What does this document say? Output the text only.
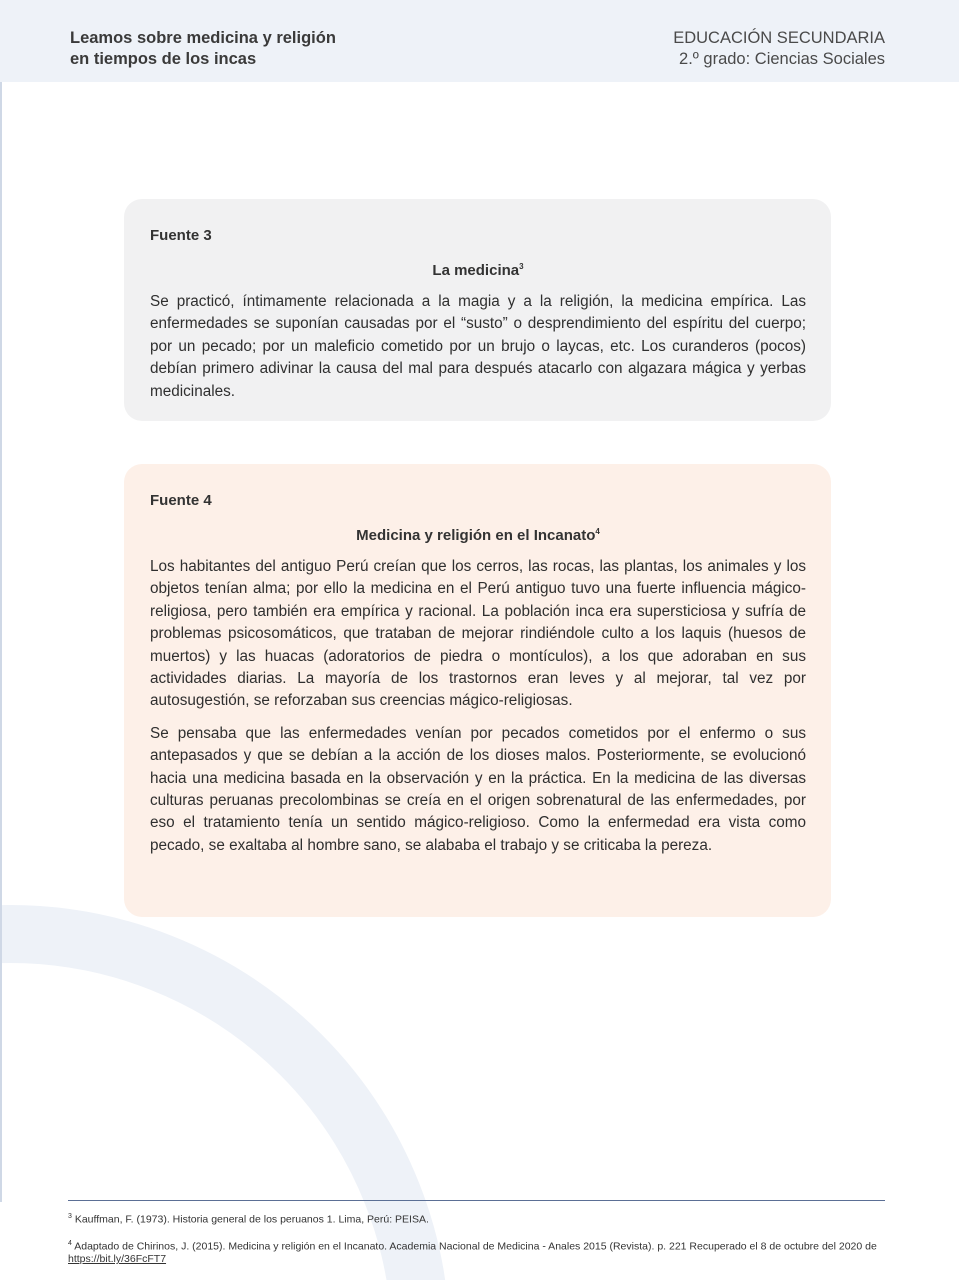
Leamos sobre medicina y religión
en tiempos de los incas
EDUCACIÓN SECUNDARIA
2.º grado: Ciencias Sociales
Fuente 3
La medicina$^3$

Se practicó, íntimamente relacionada a la magia y a la religión, la medicina empírica. Las enfermedades se suponían causadas por el “susto” o desprendimiento del espíritu del cuerpo; por un pecado; por un maleficio cometido por un brujo o laycas, etc. Los curanderos (pocos) debían primero adivinar la causa del mal para después atacarlo con algazara mágica y yerbas medicinales.

Fuente 4
Medicina y religión en el Incanato$^4$

Los habitantes del antiguo Perú creían que los cerros, las rocas, las plantas, los animales y los objetos tenían alma; por ello la medicina en el Perú antiguo tuvo una fuerte influencia mágico-religiosa, pero también era empírica y racional. La población inca era supersticiosa y sufría de problemas psicosomáticos, que trataban de mejorar rindiéndole culto a los laquis (huesos de muertos) y las huacas (adoratorios de piedra o montículos), a los que adoraban en sus actividades diarias. La mayoría de los trastornos eran leves y al mejorar, tal vez por autosugestión, se reforzaban sus creencias mágico-religiosas.

Se pensaba que las enfermedades venían por pecados cometidos por el enfermo o sus antepasados y que se debían a la acción de los dioses malos. Posteriormente, se evolucionó hacia una medicina basada en la observación y en la práctica. En la medicina de las diversas culturas peruanas precolombinas se creía en el origen sobrenatural de las enfermedades, por eso el tratamiento tenía un sentido mágico-religioso. Como la enfermedad era vista como pecado, se exaltaba al hombre sano, se alababa el trabajo y se criticaba la pereza.

$^3$ Kauffman, F. (1973). Historia general de los peruanos 1. Lima, Perú: PEISA.
$^4$ Adaptado de Chirinos, J. (2015). Medicina y religión en el Incanato. Academia Nacional de Medicina - Anales 2015 (Revista). p. 221 Recuperado el 8 de octubre del 2020 de https://bit.ly/36FcFT7
